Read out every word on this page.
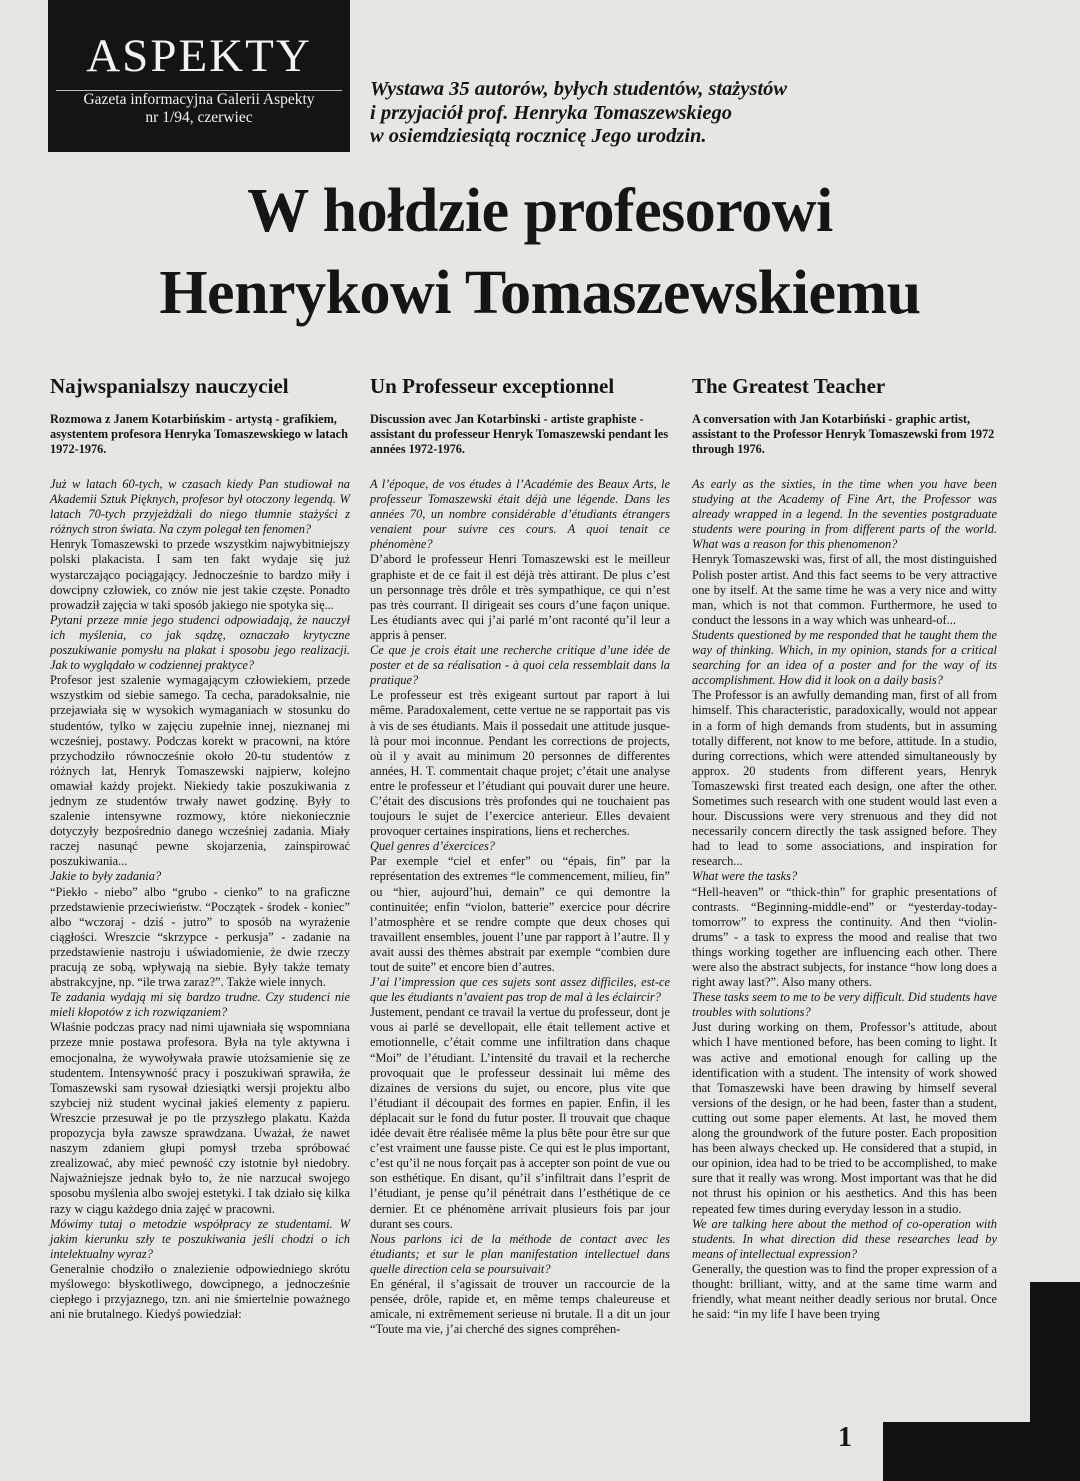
ASPEKTY
Gazeta informacyjna Galerii Aspekty
nr 1/94, czerwiec
Wystawa 35 autorów, byłych studentów, stażystów
i przyjaciół prof. Henryka Tomaszewskiego
w osiemdziesiątą rocznicę Jego urodzin.
W hołdzie profesorowi
Henrykowi Tomaszewskiemu
Najwspanialszy nauczyciel
Rozmowa z Janem Kotarbińskim - artystą - grafikiem, asystentem profesora Henryka Tomaszewskiego w latach 1972-1976.

Już w latach 60-tych, w czasach kiedy Pan studiował na Akademii Sztuk Pięknych, profesor był otoczony legendą. W latach 70-tych przyjeżdżali do niego tłumnie stażyści z różnych stron świata. Na czym polegał ten fenomen?

Henryk Tomaszewski to przede wszystkim najwybitniejszy polski plakacista. I sam ten fakt wydaje się już wystarczająco pociągający. Jednocześnie to bardzo miły i dowcipny człowiek, co znów nie jest takie częste. Ponadto prowadził zajęcia w taki sposób jakiego nie spotyka się...

Pytani przeze mnie jego studenci odpowiadają, że nauczył ich myślenia, co jak sądzę, oznaczało krytyczne poszukiwanie pomysłu na plakat i sposobu jego realizacji. Jak to wyglądało w codziennej praktyce?

Profesor jest szalenie wymagającym człowiekiem, przede wszystkim od siebie samego. Ta cecha, paradoksalnie, nie przejawiała się w wysokich wymaganiach w stosunku do studentów, tylko w zajęciu zupełnie innej, nieznanej mi wcześniej, postawy. Podczas korekt w pracowni, na które przychodziło równocześnie około 20-tu studentów z różnych lat, Henryk Tomaszewski najpierw, kolejno omawiał każdy projekt. Niekiedy takie poszukiwania z jednym ze studentów trwały nawet godzinę. Były to szalenie intensywne rozmowy, które niekoniecznie dotyczyły bezpośrednio danego wcześniej zadania. Miały raczej nasunąć pewne skojarzenia, zainspirować poszukiwania...

Jakie to były zadania?

“Piekło - niebo” albo “grubo - cienko” to na graficzne przedstawienie przeciwieństw. “Początek - środek - koniec” albo “wczoraj - dziś - jutro” to sposób na wyrażenie ciągłości. Wreszcie “skrzypce - perkusja” - zadanie na przedstawienie nastroju i uświadomienie, że dwie rzeczy pracują ze sobą, wpływają na siebie. Były także tematy abstrakcyjne, np. “ile trwa zaraz?”. Także wiele innych.

Te zadania wydają mi się bardzo trudne. Czy studenci nie mieli kłopotów z ich rozwiązaniem?

Właśnie podczas pracy nad nimi ujawniała się wspomniana przeze mnie postawa profesora. Była na tyle aktywna i emocjonalna, że wywoływała prawie utożsamienie się ze studentem. Intensywność pracy i poszukiwań sprawiła, że Tomaszewski sam rysował dziesiątki wersji projektu albo szybciej niż student wycinał jakieś elementy z papieru. Wreszcie przesuwał je po tle przyszłego plakatu. Każda propozycja była zawsze sprawdzana. Uważał, że nawet naszym zdaniem głupi pomysł trzeba spróbować zrealizować, aby mieć pewność czy istotnie był niedobry. Najważniejsze jednak było to, że nie narzucał swojego sposobu myślenia albo swojej estetyki. I tak działo się kilka razy w ciągu każdego dnia zajęć w pracowni.

Mówimy tutaj o metodzie współpracy ze studentami. W jakim kierunku szły te poszukiwania jeśli chodzi o ich intelektualny wyraz?

Generalnie chodziło o znalezienie odpowiedniego skrótu myślowego: błyskotliwego, dowcipnego, a jednocześnie ciepłego i przyjaznego, tzn. ani nie śmiertelnie poważnego ani nie brutalnego. Kiedyś powiedział:

Un Professeur exceptionnel
Discussion avec Jan Kotarbinski - artiste graphiste - assistant du professeur Henryk Tomaszewski pendant les années 1972-1976.

A l’époque, de vos études à l’Académie des Beaux Arts, le professeur Tomaszewski était déjà une légende. Dans les années 70, un nombre considérable d’étudiants étrangers venaient pour suivre ces cours. A quoi tenait ce phénomène?

D’abord le professeur Henri Tomaszewski est le meilleur graphiste et de ce fait il est déjà très attirant. De plus c’est un personnage très drôle et très sympathique, ce qui n’est pas très courrant. Il dirigeait ses cours d’une façon unique. Les étudiants avec qui j’ai parlé m’ont raconté qu’il leur a appris à penser.

Ce que je crois était une recherche critique d’une idée de poster et de sa réalisation - à quoi cela ressemblait dans la pratique?

Le professeur est très exigeant surtout par raport à lui même. Paradoxalement, cette vertue ne se rapportait pas vis à vis de ses étudiants. Mais il possedait une attitude jusque-là pour moi inconnue. Pendant les corrections de projects, où il y avait au minimum 20 personnes de differentes années, H. T. commentait chaque projet; c’était une analyse entre le professeur et l’étudiant qui pouvait durer une heure. C’était des discusions très profondes qui ne touchaient pas toujours le sujet de l’exercice anterieur. Elles devaient provoquer certaines inspirations, liens et recherches.

Quel genres d’éxercices?

Par exemple “ciel et enfer” ou “épais, fin” par la représentation des extremes “le commencement, milieu, fin” ou “hier, aujourd’hui, demain” ce qui demontre la continuitée; enfin “violon, batterie” exercice pour décrire l’atmosphère et se rendre compte que deux choses qui travaillent ensembles, jouent l’une par rapport à l’autre. Il y avait aussi des thèmes abstrait par exemple “combien dure tout de suite” et encore bien d’autres.

J’ai l’impression que ces sujets sont assez difficiles, est-ce que les étudiants n’avaient pas trop de mal à les éclaircir?

Justement, pendant ce travail la vertue du professeur, dont je vous ai parlé se devellopait, elle était tellement active et emotionnelle, c’était comme une infiltration dans chaque “Moi” de l’étudiant. L’intensité du travail et la recherche provoquait que le professeur dessinait lui même des dizaines de versions du sujet, ou encore, plus vite que l’étudiant il découpait des formes en papier. Enfin, il les déplacait sur le fond du futur poster. Il trouvait que chaque idée devait être réalisée même la plus bête pour être sur que c’est vraiment une fausse piste. Ce qui est le plus important, c’est qu’il ne nous forçait pas à accepter son point de vue ou son esthétique. En disant, qu’il s’infiltrait dans l’esprit de l’étudiant, je pense qu’il pénétrait dans l’esthétique de ce dernier. Et ce phénomène arrivait plusieurs fois par jour durant ses cours.

Nous parlons ici de la méthode de contact avec les étudiants; et sur le plan manifestation intellectuel dans quelle direction cela se poursuivait?

En général, il s’agissait de trouver un raccourcie de la pensée, drôle, rapide et, en même temps chaleureuse et amicale, ni extrêmement serieuse ni brutale. Il a dit un jour “Toute ma vie, j’ai cherché des signes compréhen-

The Greatest Teacher
A conversation with Jan Kotarbiński - graphic artist, assistant to the Professor Henryk Tomaszewski from 1972 through 1976.

As early as the sixties, in the time when you have been studying at the Academy of Fine Art, the Professor was already wrapped in a legend. In the seventies postgraduate students were pouring in from different parts of the world. What was a reason for this phenomenon?

Henryk Tomaszewski was, first of all, the most distinguished Polish poster artist. And this fact seems to be very attractive one by itself. At the same time he was a very nice and witty man, which is not that common. Furthermore, he used to conduct the lessons in a way which was unheard-of...

Students questioned by me responded that he taught them the way of thinking. Which, in my opinion, stands for a critical searching for an idea of a poster and for the way of its accomplishment. How did it look on a daily basis?

The Professor is an awfully demanding man, first of all from himself. This characteristic, paradoxically, would not appear in a form of high demands from students, but in assuming totally different, not know to me before, attitude. In a studio, during corrections, which were attended simultaneously by approx. 20 students from different years, Henryk Tomaszewski first treated each design, one after the other. Sometimes such research with one student would last even a hour. Discussions were very strenuous and they did not necessarily concern directly the task assigned before. They had to lead to some associations, and inspiration for research...

What were the tasks?

“Hell-heaven” or “thick-thin” for graphic presentations of contrasts. “Beginning-middle-end” or “yesterday-today-tomorrow” to express the continuity. And then “violin-drums” - a task to express the mood and realise that two things working together are influencing each other. There were also the abstract subjects, for instance “how long does a right away last?”. Also many others.

These tasks seem to me to be very difficult. Did students have troubles with solutions?

Just during working on them, Professor’s attitude, about which I have mentioned before, has been coming to light. It was active and emotional enough for calling up the identification with a student. The intensity of work showed that Tomaszewski have been drawing by himself several versions of the design, or he had been, faster than a student, cutting out some paper elements. At last, he moved them along the groundwork of the future poster. Each proposition has been always checked up. He considered that a stupid, in our opinion, idea had to be tried to be accomplished, to make sure that it really was wrong. Most important was that he did not thrust his opinion or his aesthetics. And this has been repeated few times during everyday lesson in a studio.

We are talking here about the method of co-operation with students. In what direction did these researches lead by means of intellectual expression?

Generally, the question was to find the proper expression of a thought: brilliant, witty, and at the same time warm and friendly, what meant neither deadly serious nor brutal. Once he said: “in my life I have been trying

1
